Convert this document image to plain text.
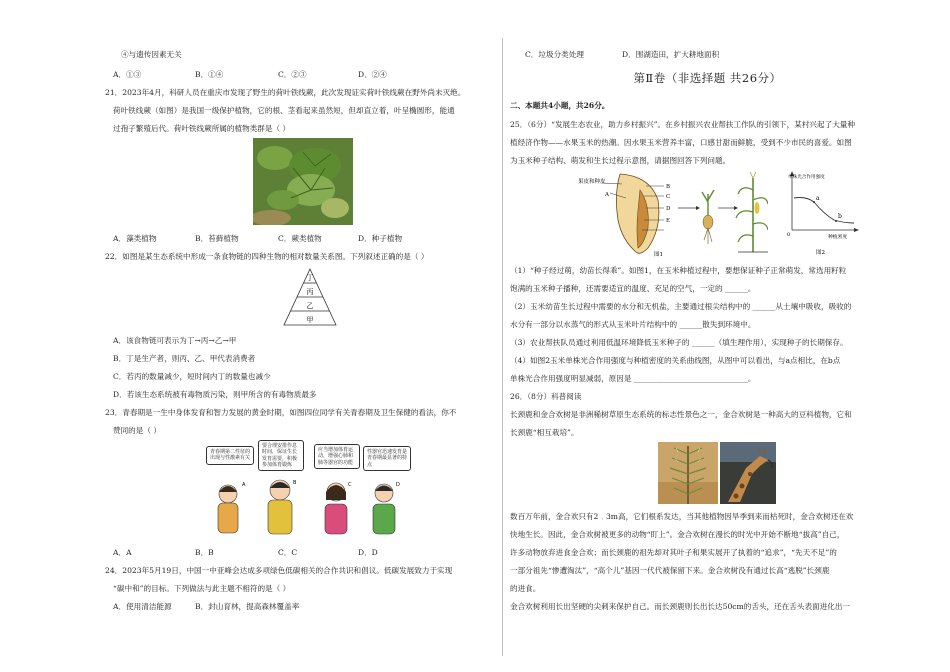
④与遗传因素无关
A．①③	B．①④	C．②③	D．②④
21．2023年4月，科研人员在重庆市发现了野生的荷叶铁线蕨，此次发现证实荷叶铁线蕨在野外尚未灭绝。
荷叶铁线蕨（如图）是我国一级保护植物，它的根、茎看起来虽然短，但却直立着，叶呈椭圆形，能通
过孢子繁殖后代。荷叶铁线蕨所属的植物类群是（ ）
A．藻类植物	B．苔藓植物	C．蕨类植物	D．种子植物
22．如图是某生态系统中形成一条食物链的四种生物的相对数量关系图。下列叙述正确的是（ ）
丁
丙
乙
甲
A．该食物链可表示为丁→丙→乙→甲
B．丁是生产者，则丙、乙、甲代表消费者
C．若丙的数量减少，短时间内丁的数量也减少
D．若该生态系统被有毒物质污染，则甲所含的有毒物质最多
23．青春期是一生中身体发育和智力发展的黄金时期，如图四位同学有关青春期及卫生保健的看法，你不
赞同的是（ ）
青春期第二性征的出现与性激素有关
要合理安排作息时间，保证生长发育需要，积极参加体育锻炼
应当增加体育运动，增强心肺和肺等器官的功能
性器官迅速发育是青春期最显著的特点
A	B	C	D
A．A	B．B	C．C	D．D
24．2023年5月19日，中国一中亚峰会达成多项绿色低碳相关的合作共识和倡议。低碳发展致力于实现
“碳中和”的目标。下列做法与此主题不相符的是（ ）
A．使用清洁能源	B．封山育林，提高森林覆盖率
C．垃圾分类处理	D．围湖造田，扩大耕地面积
第Ⅱ卷（非选择题 共26分）
二、本题共4小题，共26分。
25．（6分）“发展生态农业，助力乡村振兴”。在乡村振兴农业帮扶工作队的引领下，某村兴起了大量种
植经济作物——水果玉米的热潮。因水果玉米营养丰富，口感甘甜而鲜脆，受到不少市民的喜爱。如图
为玉米种子结构、萌发和生长过程示意图，请据图回答下列问题。
果皮和种皮
A
B
C
D
E
图1
单株光合作用强度
a
b
0	种植密度
图2
（1）“种子经过萌，幼苗长得乖”。如图1，在玉米种植过程中，要想保证种子正常萌发，常选用籽粒
饱满的玉米种子播种，还需要适宜的温度、充足的空气，一定的 ______。
（2）玉米幼苗生长过程中需要的水分和无机盐，主要通过根尖结构中的 ______从土壤中吸收，吸收的
水分有一部分以水蒸气的形式从玉米叶片结构中的 ______散失到环境中。
（3）农业帮扶队员通过利用低温环境降低玉米种子的 ______（填生理作用），实现种子的长期保存。
（4）如图2玉米单株光合作用强度与种植密度的关系曲线图，从图中可以看出，与a点相比，在b点
单株光合作用强度明显减弱，原因是 ______________________________。
26．（8分）科普阅读
长颈鹿和金合欢树是非洲稀树草原生态系统的标志性景色之一，金合欢树是一种高大的豆科植物，它和
长颈鹿“相互栽培”。
数百万年前，金合欢只有2﹒3m高，它们根系发达，当其他植物因旱季到来而枯死时，金合欢树还在欢
快地生长。因此，金合欢树被更多的动物“盯上”。金合欢树在漫长的时光中开始不断地“拔高”自己，
许多动物放弃进食金合欢；而长颈鹿的祖先却对其叶子和果实展开了执着的“追求”，“先天不足”的
一部分祖先“惨遭淘汰”，“高个儿”基因一代代被保留下来。金合欢树没有通过长高“逃脱”长颈鹿
的进食。
金合欢树利用长出坚硬的尖刺来保护自己。而长颈鹿则长出长达50cm的舌头，还在舌头表面进化出一
